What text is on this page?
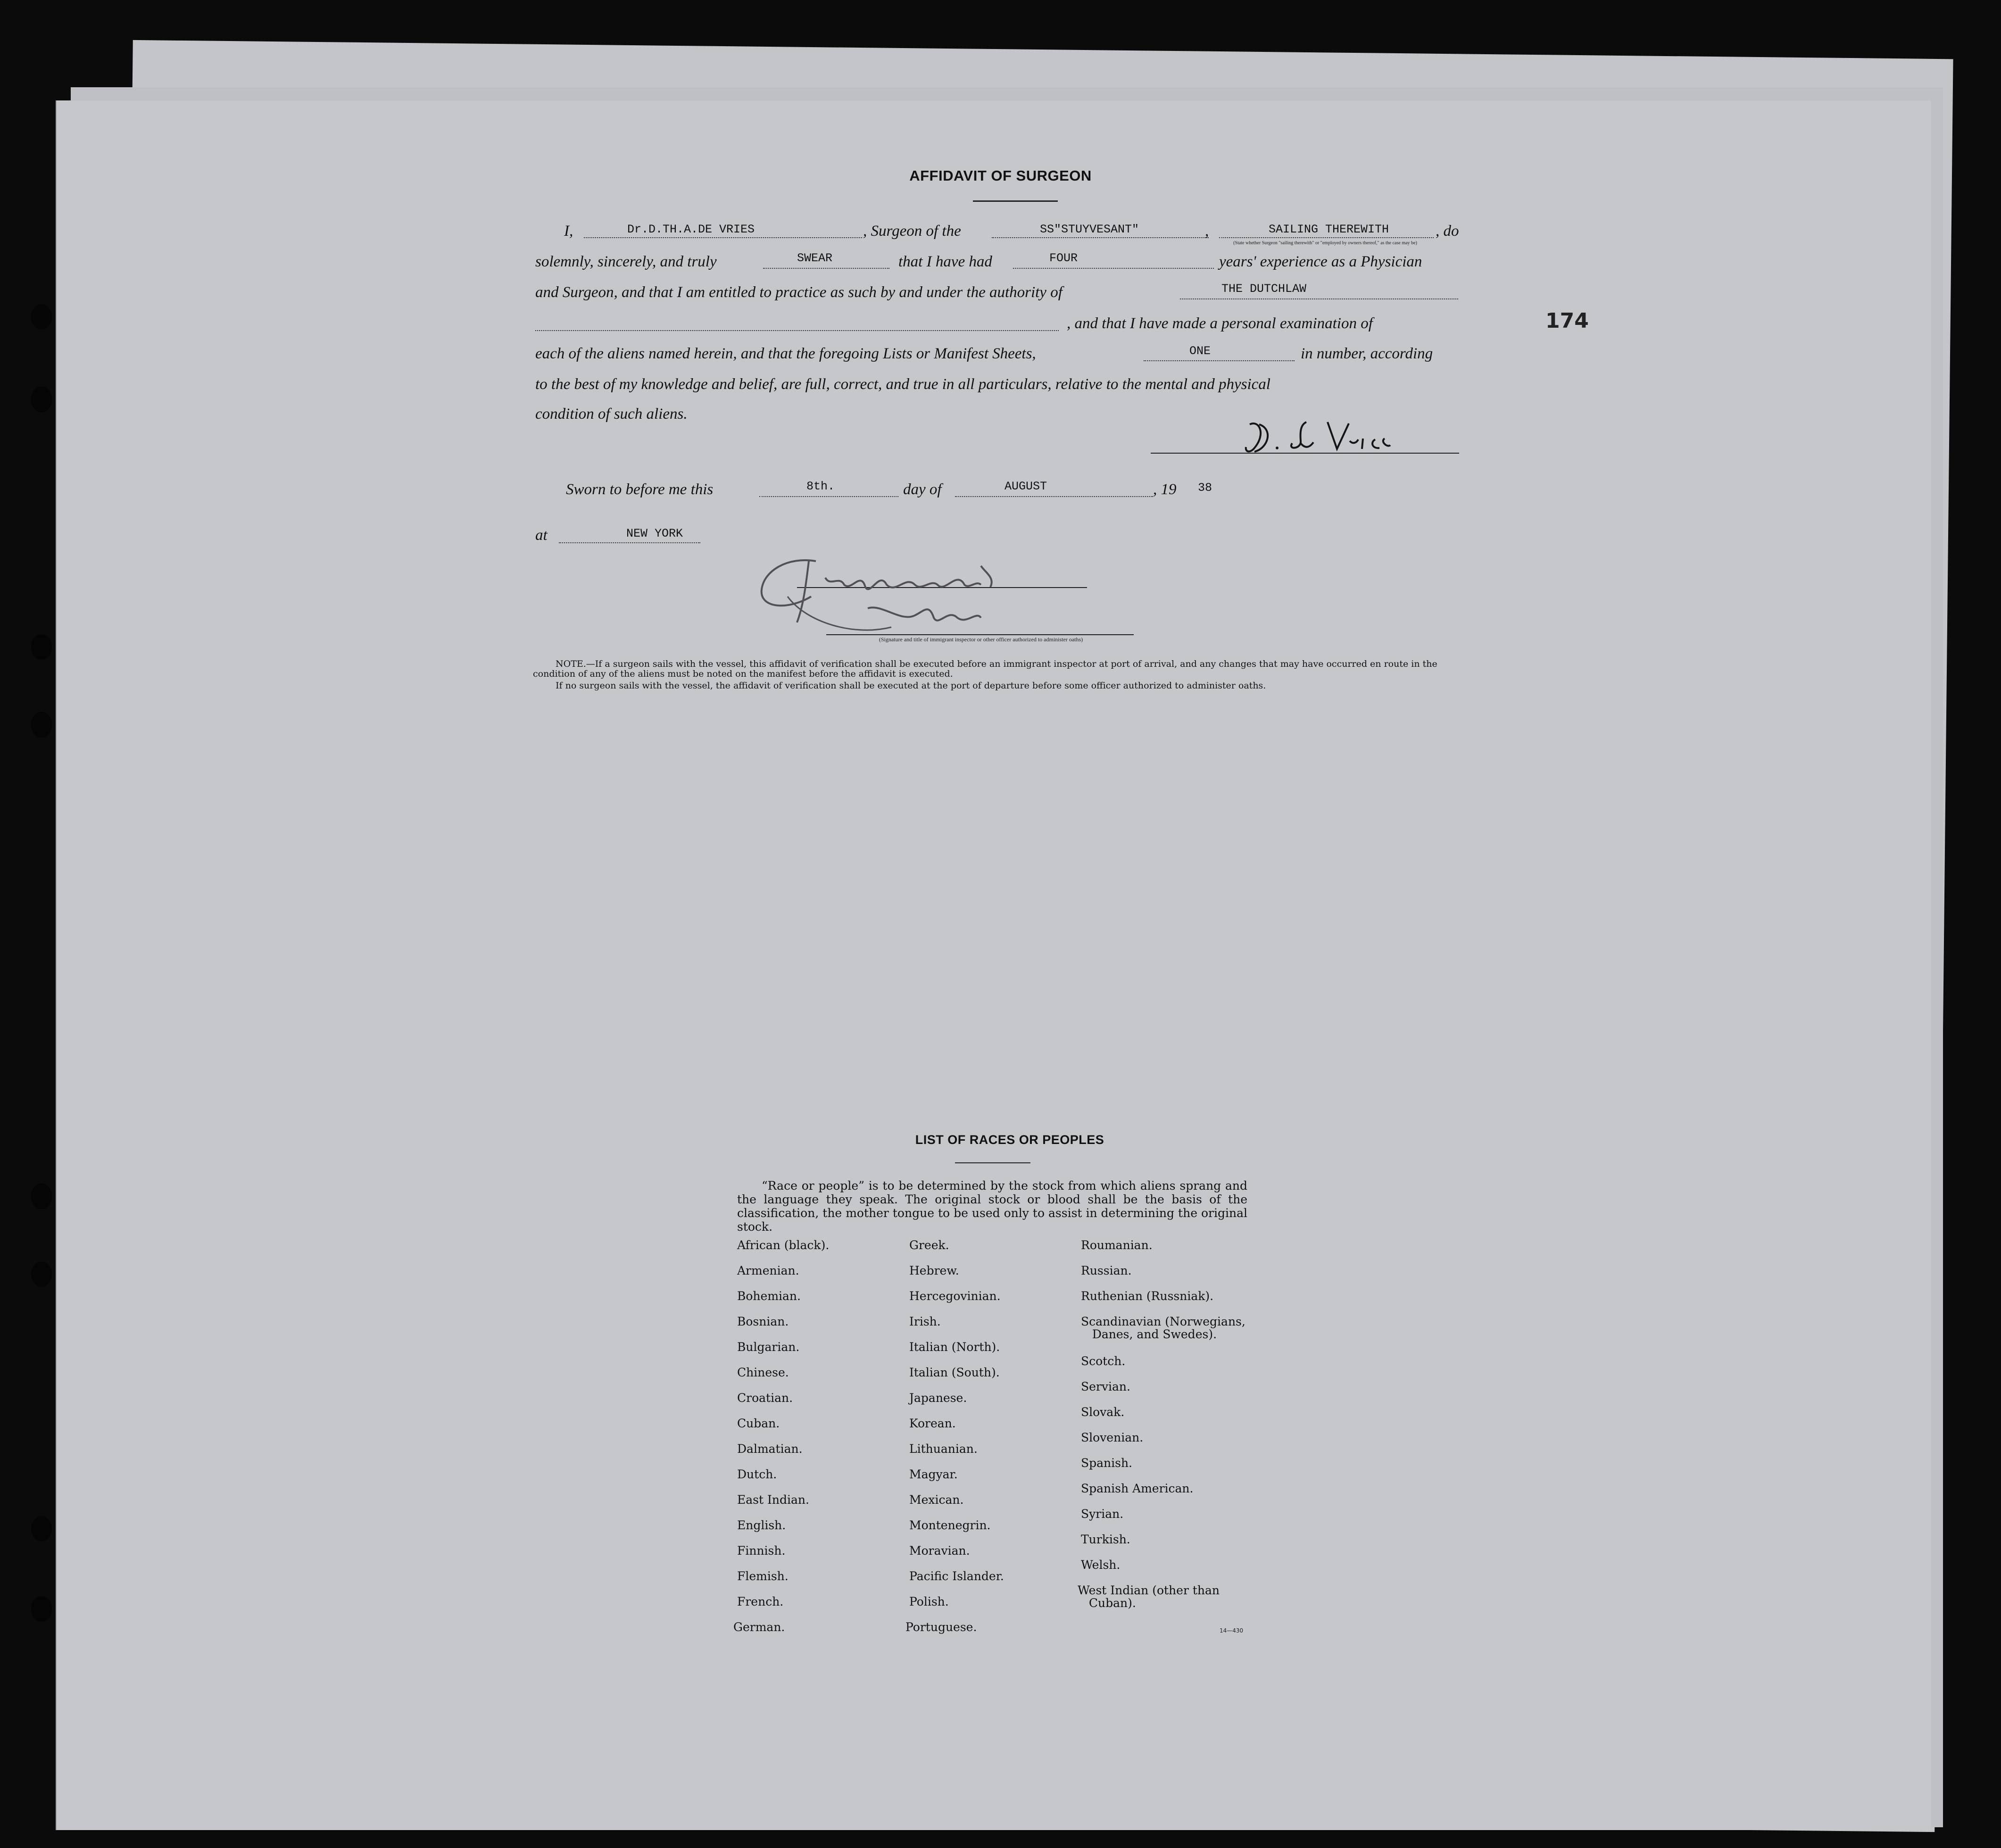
174
AFFIDAVIT OF SURGEON
I,	Dr.D.TH.A.DE VRIES	, Surgeon of the	SS"STUYVESANT"	,	SAILING THEREWITH	, do
(State whether Surgeon "sailing therewith" or "employed by owners thereof," as the case may be)
solemnly, sincerely, and truly	SWEAR	that I have had	FOUR	years' experience as a Physician
and Surgeon, and that I am entitled to practice as such by and under the authority of	THE DUTCHLAW
, and that I have made a personal examination of
each of the aliens named herein, and that the foregoing Lists or Manifest Sheets,	ONE	in number, according
to the best of my knowledge and belief, are full, correct, and true in all particulars, relative to the mental and physical
condition of such aliens.
Sworn to before me this	8th.	day of	AUGUST	, 19 38
at	NEW YORK
(Signature and title of immigrant inspector or other officer authorized to administer oaths)
NOTE.—If a surgeon sails with the vessel, this affidavit of verification shall be executed before an immigrant inspector at port of arrival, and any changes that may have occurred en route in the condition of any of the aliens must be noted on the manifest before the affidavit is executed.
If no surgeon sails with the vessel, the affidavit of verification shall be executed at the port of departure before some officer authorized to administer oaths.
LIST OF RACES OR PEOPLES
“Race or people” is to be determined by the stock from which aliens sprang and the language they speak. The original stock or blood shall be the basis of the classification, the mother tongue to be used only to assist in determining the original stock.
African (black).
Armenian.
Bohemian.
Bosnian.
Bulgarian.
Chinese.
Croatian.
Cuban.
Dalmatian.
Dutch.
East Indian.
English.
Finnish.
Flemish.
French.
German.
Greek.
Hebrew.
Hercegovinian.
Irish.
Italian (North).
Italian (South).
Japanese.
Korean.
Lithuanian.
Magyar.
Mexican.
Montenegrin.
Moravian.
Pacific Islander.
Polish.
Portuguese.
Roumanian.
Russian.
Ruthenian (Russniak).
Scandinavian (Norwegians,
Danes, and Swedes).
Scotch.
Servian.
Slovak.
Slovenian.
Spanish.
Spanish American.
Syrian.
Turkish.
Welsh.
West Indian (other than
Cuban).
14—430
